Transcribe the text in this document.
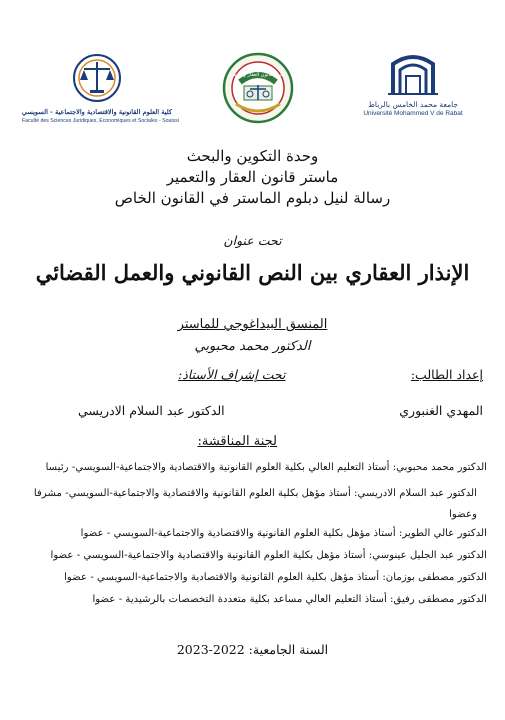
كلية العلوم القانونية والاقتصادية والاجتماعية - السويسي
Faculté des Sciences Juridiques, Economiques et Sociales - Souissi
ماستر قانون العقار والتعمير
جامعة محمد الخامس بالرباط
Université Mohammed V de Rabat
وحدة التكوين والبحث
ماستر قانون العقار والتعمير
رسالة لنيل دبلوم الماستر في القانون الخاص
تحت عنوان
الإنذار العقاري بين النص القانوني والعمل القضائي
المنسق البيداغوجي للماستر
الدكتور محمد محبوبي
إعداد الطالب:
تحت إشراف الأستاذ:
المهدي الغنبوري
الدكتور عبد السلام الادريسي
لجنة المناقشة:
الدكتور محمد محبوبي: أستاذ التعليم العالي بكلية العلوم القانونية والاقتصادية والاجتماعية-السويسي- رئيسا
الدكتور عبد السلام الادريسي: أستاذ مؤهل بكلية العلوم القانونية والاقتصادية والاجتماعية-السويسي- مشرفا وعضوا
الدكتور عالي الطوير: أستاذ مؤهل بكلية العلوم القانونية والاقتصادية والاجتماعية-السويسي - عضوا
الدكتور عبد الجليل عينوسي: أستاذ مؤهل بكلية العلوم القانونية والاقتصادية والاجتماعية-السويسي - عضوا
الدكتور مصطفى بوزمان: أستاذ مؤهل بكلية العلوم القانونية والاقتصادية والاجتماعية-السويسي - عضوا
الدكتور مصطفى رفيق: أستاذ التعليم العالي مساعد بكلية متعددة التخصصات بالرشيدية - عضوا
السنة الجامعية: 2022-2023
